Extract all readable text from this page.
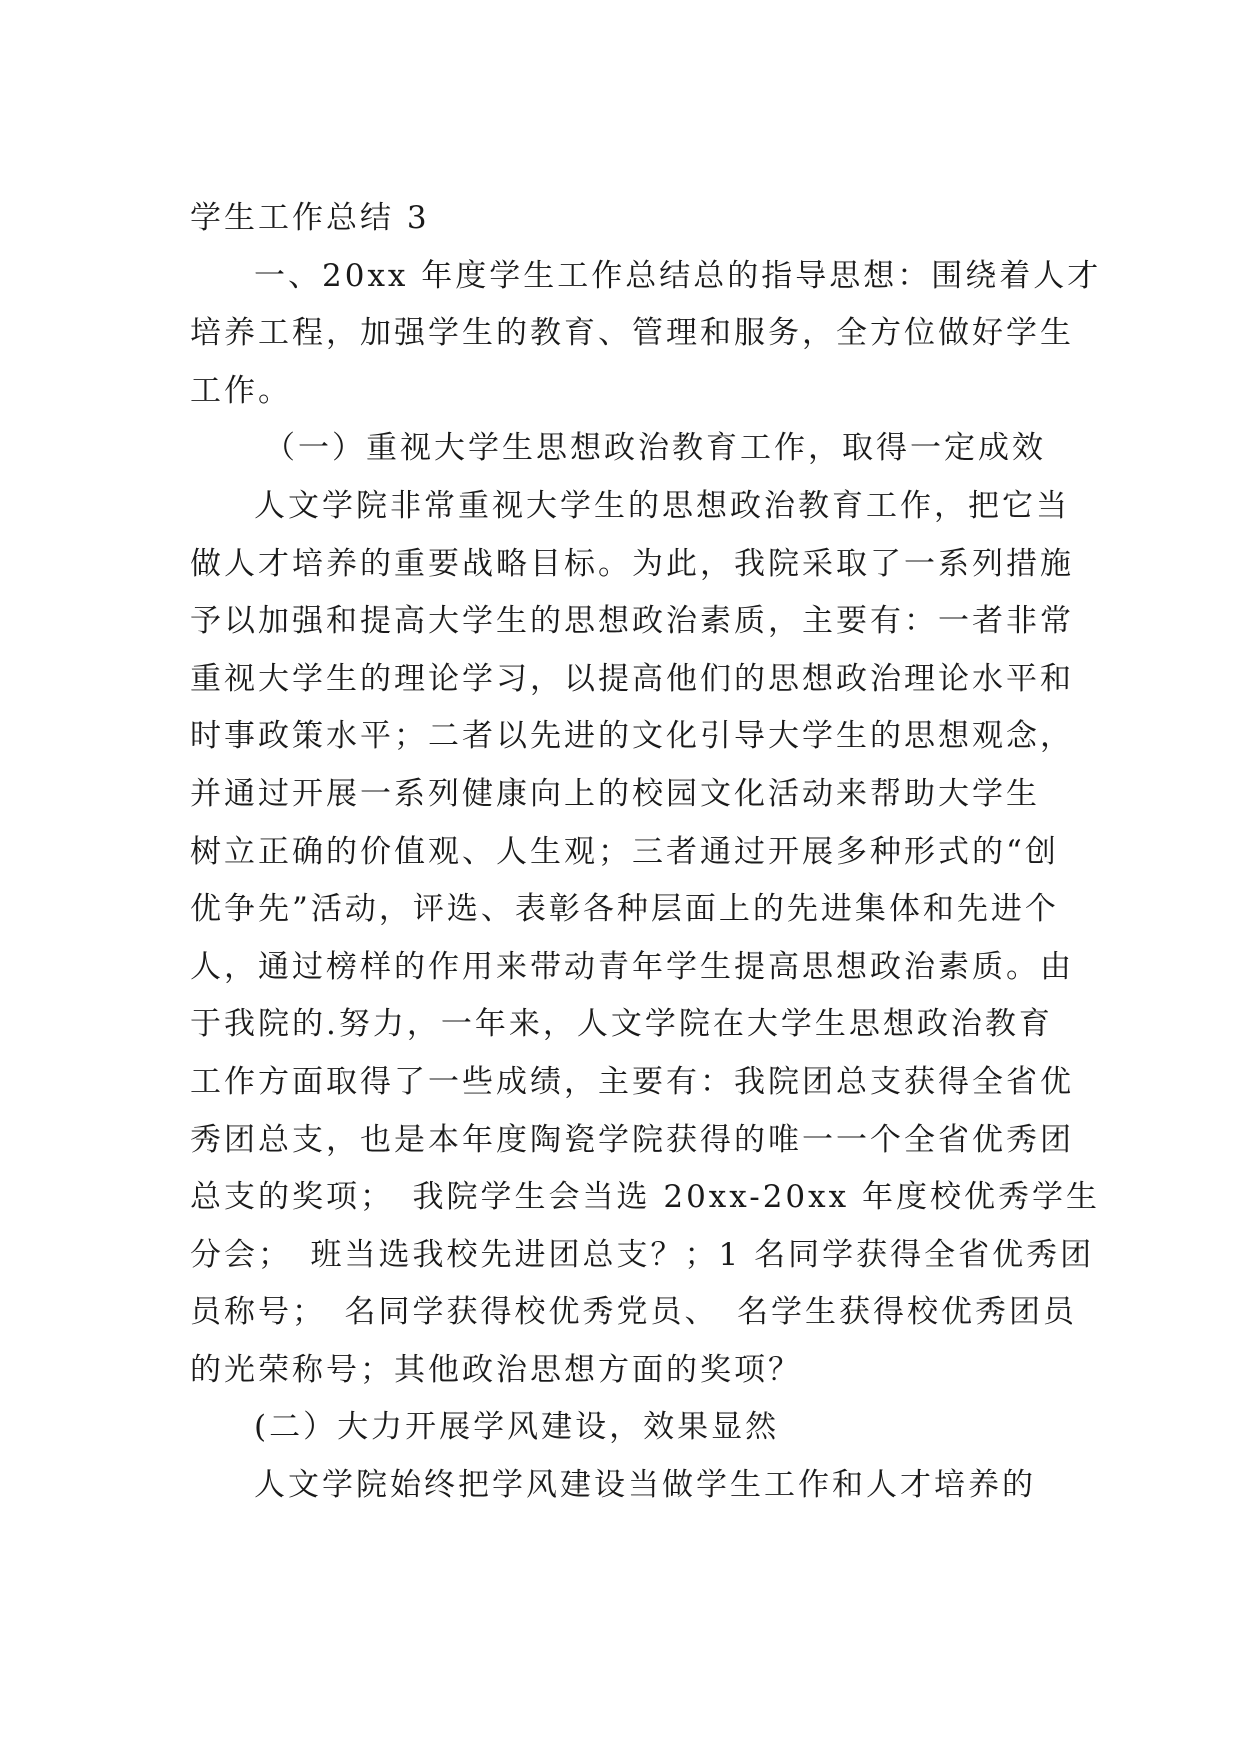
学生工作总结 3
一、20xx 年度学生工作总结总的指导思想：围绕着人才
培养工程，加强学生的教育、管理和服务，全方位做好学生
工作。
（一）重视大学生思想政治教育工作，取得一定成效
人文学院非常重视大学生的思想政治教育工作，把它当
做人才培养的重要战略目标。为此，我院采取了一系列措施
予以加强和提高大学生的思想政治素质，主要有：一者非常
重视大学生的理论学习，以提高他们的思想政治理论水平和
时事政策水平；二者以先进的文化引导大学生的思想观念，
并通过开展一系列健康向上的校园文化活动来帮助大学生
树立正确的价值观、人生观；三者通过开展多种形式的“创
优争先”活动，评选、表彰各种层面上的先进集体和先进个
人，通过榜样的作用来带动青年学生提高思想政治素质。由
于我院的.努力，一年来，人文学院在大学生思想政治教育
工作方面取得了一些成绩，主要有：我院团总支获得全省优
秀团总支，也是本年度陶瓷学院获得的唯一一个全省优秀团
总支的奖项；　我院学生会当选 20xx-20xx 年度校优秀学生
分会；　班当选我校先进团总支？；1 名同学获得全省优秀团
员称号；　名同学获得校优秀党员、　名学生获得校优秀团员
的光荣称号；其他政治思想方面的奖项？
(二）大力开展学风建设，效果显然
人文学院始终把学风建设当做学生工作和人才培养的
